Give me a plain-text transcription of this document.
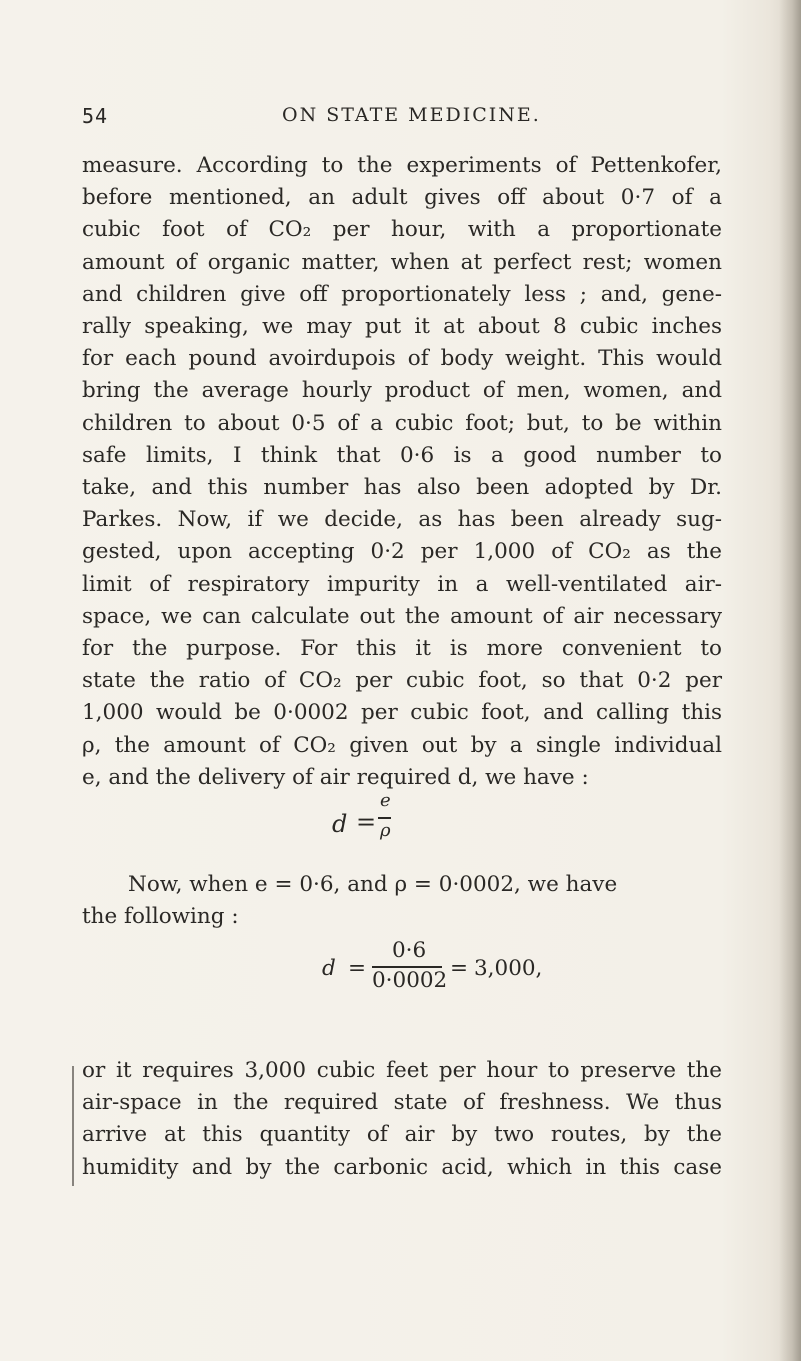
54	ON STATE MEDICINE.
measure. According to the experiments of Pettenkofer,
before mentioned, an adult gives off about 0·7 of a
cubic foot of CO₂ per hour, with a proportionate
amount of organic matter, when at perfect rest; women
and children give off proportionately less ; and, gene-
rally speaking, we may put it at about 8 cubic inches
for each pound avoirdupois of body weight. This would
bring the average hourly product of men, women, and
children to about 0·5 of a cubic foot; but, to be within
safe limits, I think that 0·6 is a good number to
take, and this number has also been adopted by Dr.
Parkes. Now, if we decide, as has been already sug-
gested, upon accepting 0·2 per 1,000 of CO₂ as the
limit of respiratory impurity in a well-ventilated air-
space, we can calculate out the amount of air necessary
for the purpose. For this it is more convenient to
state the ratio of CO₂ per cubic foot, so that 0·2 per
1,000 would be 0·0002 per cubic foot, and calling this
ρ, the amount of CO₂ given out by a single individual
e, and the delivery of air required d, we have :
d =
e
ρ
Now, when e = 0·6, and ρ = 0·0002, we have
the following :
d =
0·6
0·0002 = 3,000,
or it requires 3,000 cubic feet per hour to preserve the
air-space in the required state of freshness. We thus
arrive at this quantity of air by two routes, by the
humidity and by the carbonic acid, which in this case
